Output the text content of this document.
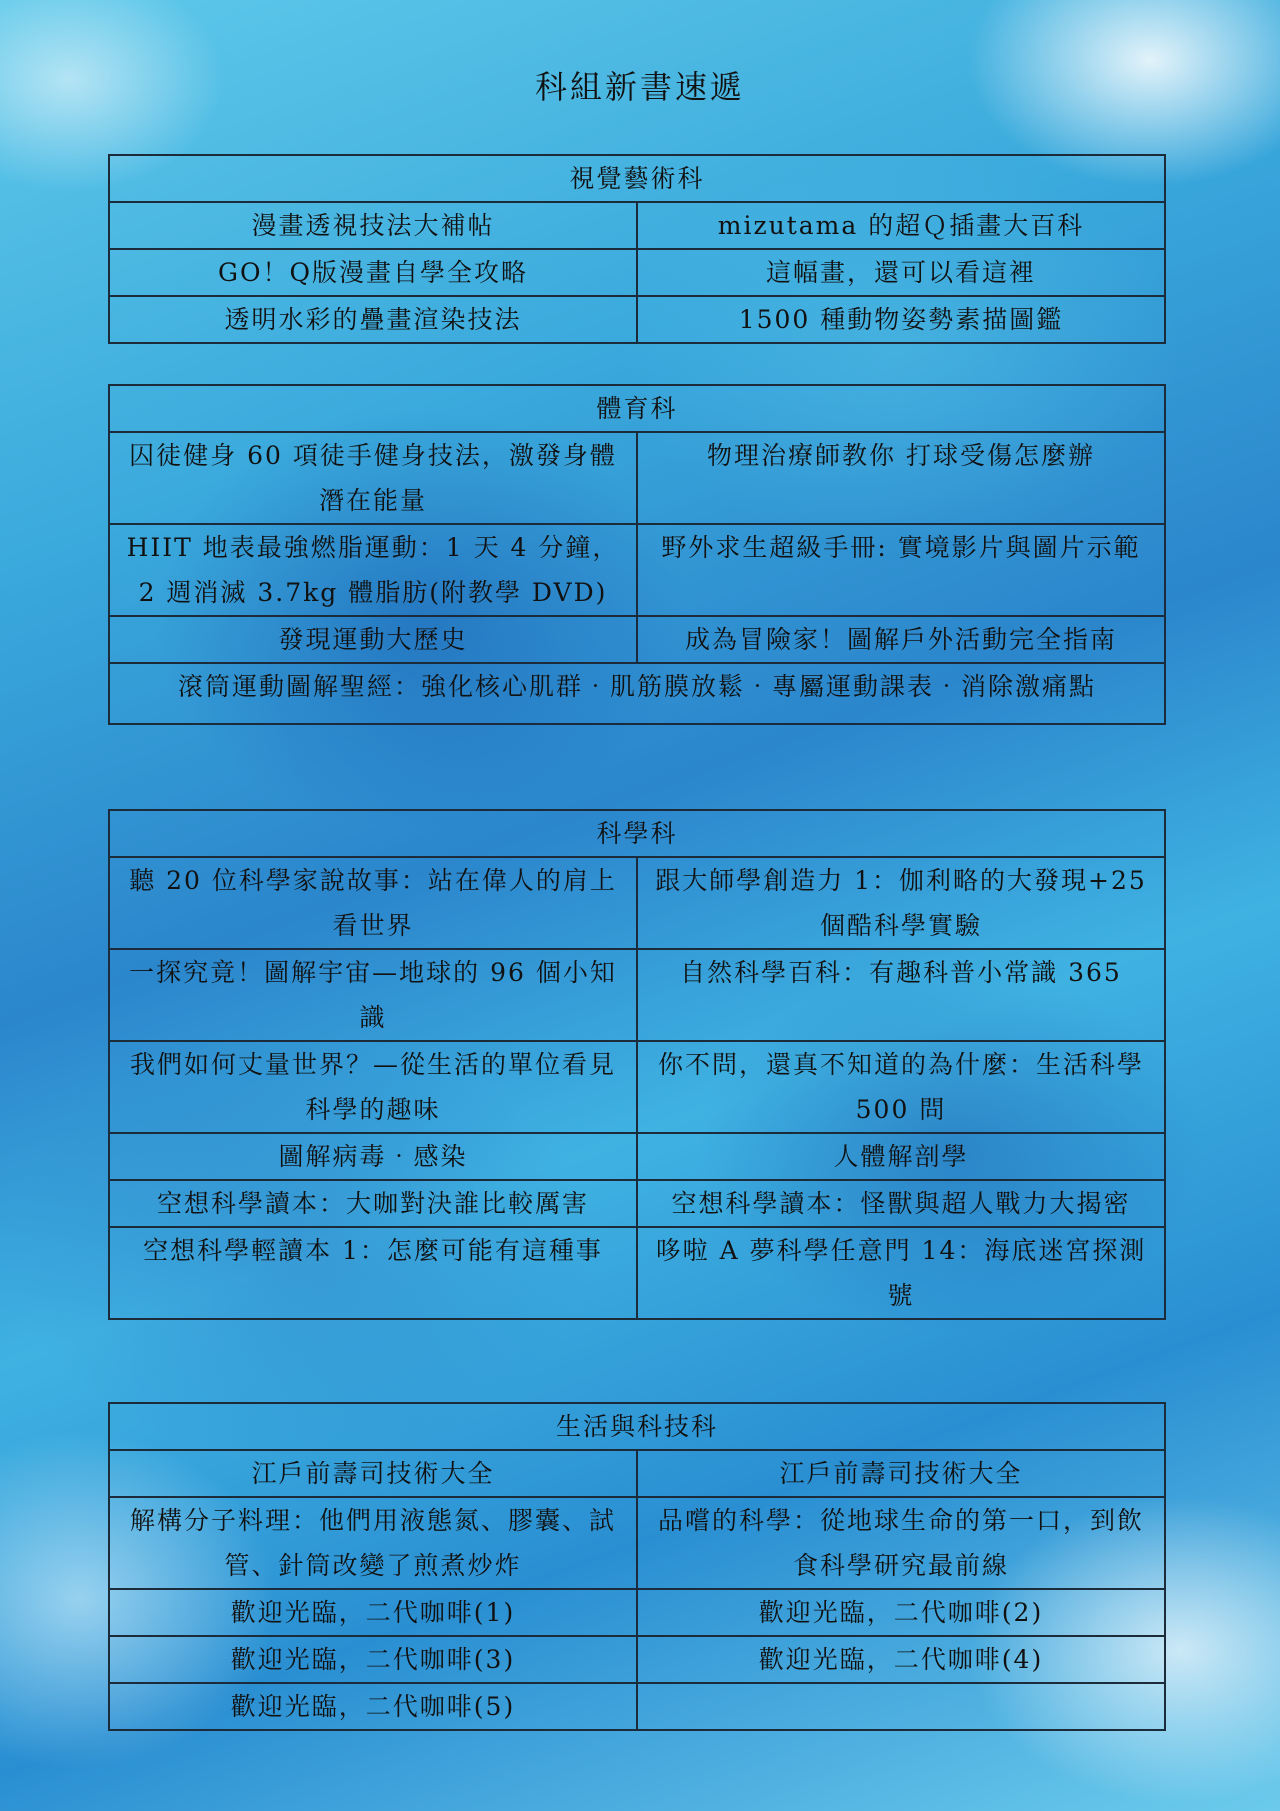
科組新書速遞
視覺藝術科	
漫畫透視技法大補帖	mizutama 的超Ｑ插畫大百科
GO！Q版漫畫自學全攻略	這幅畫，還可以看這裡
透明水彩的疊畫渲染技法	1500 種動物姿勢素描圖鑑
體育科	
囚徒健身 60 項徒手健身技法，激發身體潛在能量	物理治療師教你 打球受傷怎麼辦
HIIT 地表最強燃脂運動：1 天 4 分鐘，2 週消滅 3.7kg 體脂肪(附教學 DVD)	野外求生超級手冊: 實境影片與圖片示範
發現運動大歷史	成為冒險家！圖解戶外活動完全指南
滾筒運動圖解聖經：強化核心肌群‧肌筋膜放鬆‧專屬運動課表‧消除激痛點	
科學科	
聽 20 位科學家說故事：站在偉人的肩上看世界	跟大師學創造力 1：伽利略的大發現+25 個酷科學實驗
一探究竟！圖解宇宙—地球的 96 個小知識	自然科學百科：有趣科普小常識 365
我們如何丈量世界？—從生活的單位看見科學的趣味	你不問，還真不知道的為什麼：生活科學 500 問
圖解病毒‧感染	人體解剖學
空想科學讀本：大咖對決誰比較厲害	空想科學讀本：怪獸與超人戰力大揭密
空想科學輕讀本 1：怎麼可能有這種事	哆啦 A 夢科學任意門 14：海底迷宮探測號
生活與科技科	
江戶前壽司技術大全	江戶前壽司技術大全
解構分子料理：他們用液態氮、膠囊、試管、針筒改變了煎煮炒炸	品嚐的科學：從地球生命的第一口，到飲食科學研究最前線
歡迎光臨，二代咖啡(1)	歡迎光臨，二代咖啡(2)
歡迎光臨，二代咖啡(3)	歡迎光臨，二代咖啡(4)
歡迎光臨，二代咖啡(5)	
